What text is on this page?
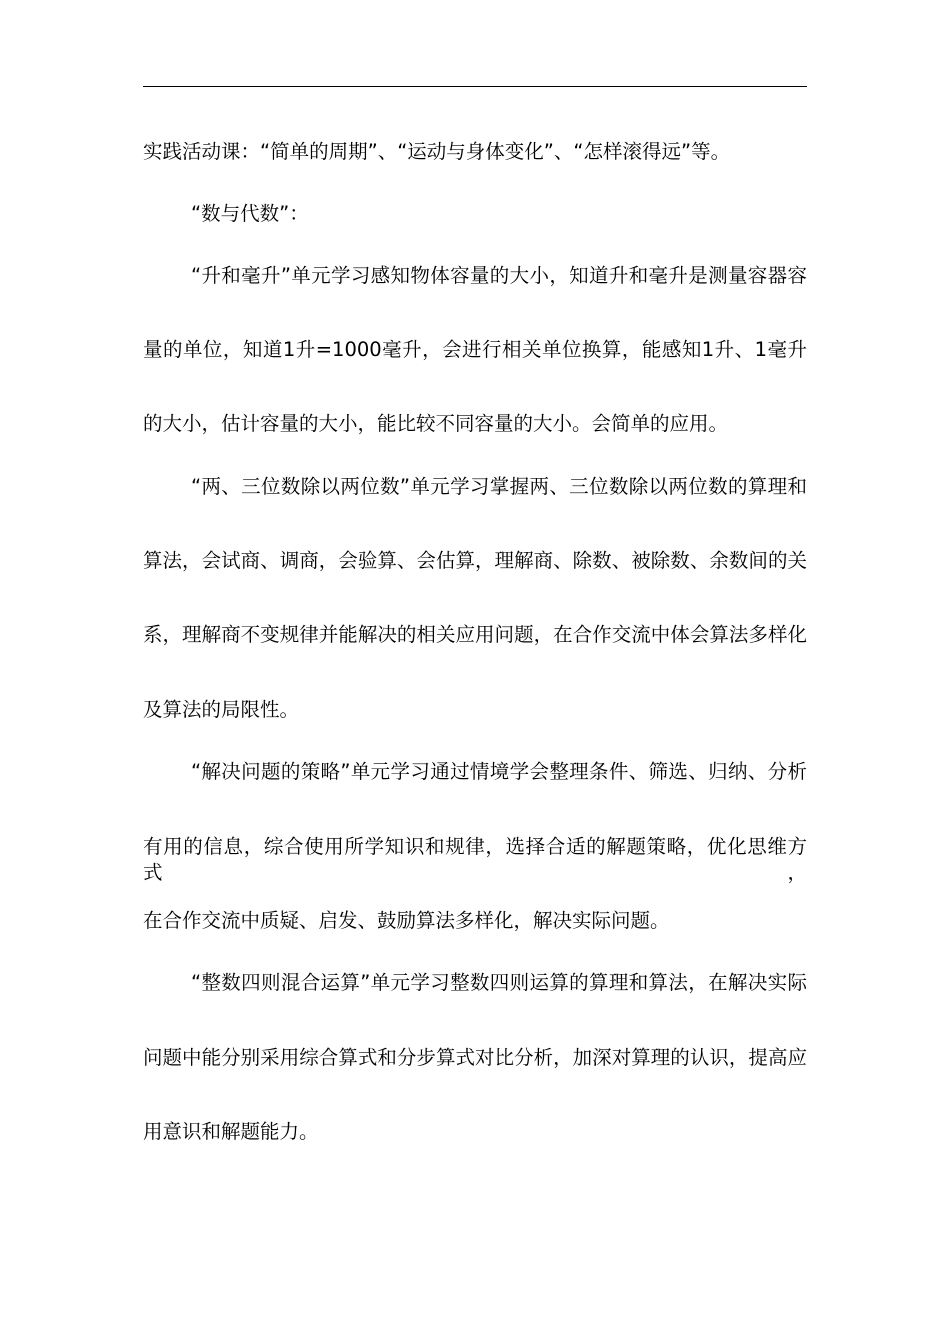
实践活动课：“简单的周期”、“运动与身体变化”、“怎样滚得远”等。
“数与代数”：
“升和毫升”单元学习感知物体容量的大小，知道升和毫升是测量容器容
量的单位，知道1升=1000毫升，会进行相关单位换算，能感知1升、1毫升
的大小，估计容量的大小，能比较不同容量的大小。会简单的应用。
“两、三位数除以两位数”单元学习掌握两、三位数除以两位数的算理和
算法，会试商、调商，会验算、会估算，理解商、除数、被除数、余数间的关
系，理解商不变规律并能解决的相关应用问题，在合作交流中体会算法多样化
及算法的局限性。
“解决问题的策略”单元学习通过情境学会整理条件、筛选、归纳、分析
有用的信息，综合使用所学知识和规律，选择合适的解题策略，优化思维方式，
在合作交流中质疑、启发、鼓励算法多样化，解决实际问题。
“整数四则混合运算”单元学习整数四则运算的算理和算法，在解决实际
问题中能分别采用综合算式和分步算式对比分析，加深对算理的认识，提高应
用意识和解题能力。
